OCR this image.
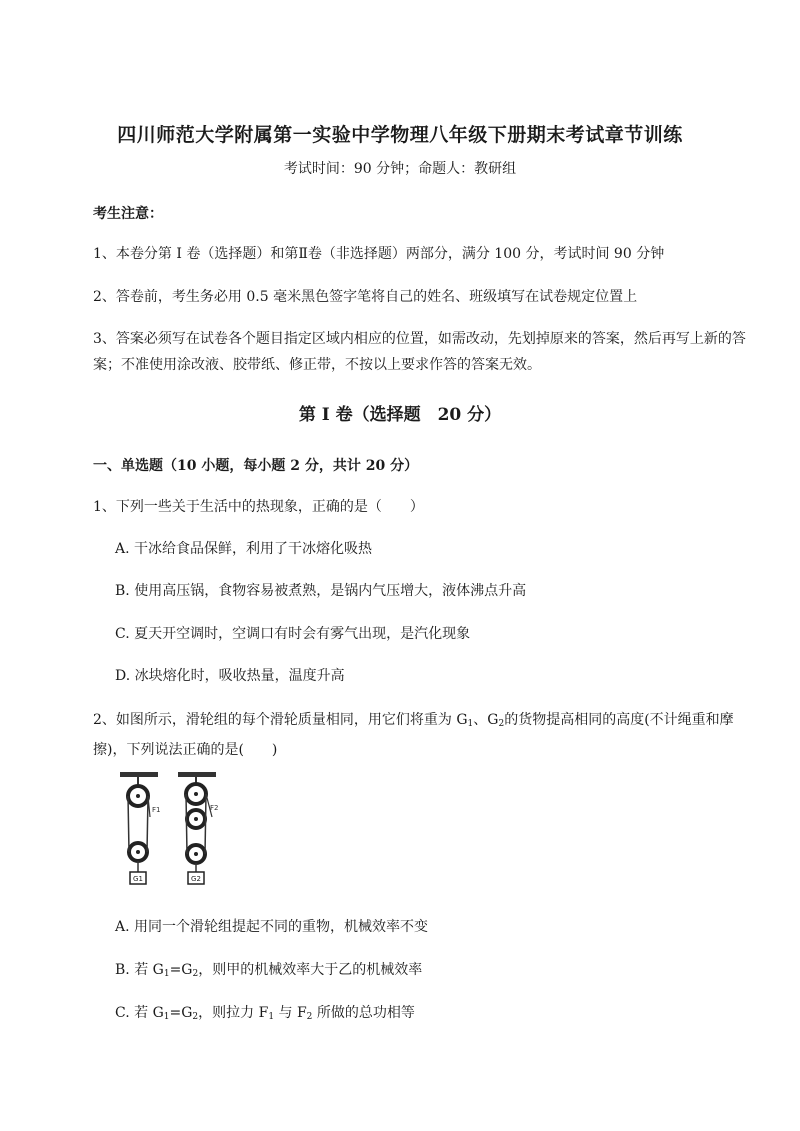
四川师范大学附属第一实验中学物理八年级下册期末考试章节训练
考试时间：90 分钟；命题人：教研组
考生注意：
1、本卷分第 I 卷（选择题）和第Ⅱ卷（非选择题）两部分，满分 100 分，考试时间 90 分钟
2、答卷前，考生务必用 0.5 毫米黑色签字笔将自己的姓名、班级填写在试卷规定位置上
3、答案必须写在试卷各个题目指定区域内相应的位置，如需改动，先划掉原来的答案，然后再写上新的答案；不准使用涂改液、胶带纸、修正带，不按以上要求作答的答案无效。
第 I 卷（选择题　20 分）
一、单选题（10 小题，每小题 2 分，共计 20 分）
1、下列一些关于生活中的热现象，正确的是（　　）
A. 干冰给食品保鲜，利用了干冰熔化吸热
B. 使用高压锅，食物容易被煮熟，是锅内气压增大，液体沸点升高
C. 夏天开空调时，空调口有时会有雾气出现，是汽化现象
D. 冰块熔化时，吸收热量，温度升高
2、如图所示，滑轮组的每个滑轮质量相同，用它们将重为 $G_1$、$G_2$的货物提高相同的高度(不计绳重和摩擦)，下列说法正确的是(　　)
G1
F1
G2
F2
A. 用同一个滑轮组提起不同的重物，机械效率不变
B. 若 $G_1=G_2$，则甲的机械效率大于乙的机械效率
C. 若 $G_1=G_2$，则拉力 $F_1$ 与 $F_2$ 所做的总功相等
